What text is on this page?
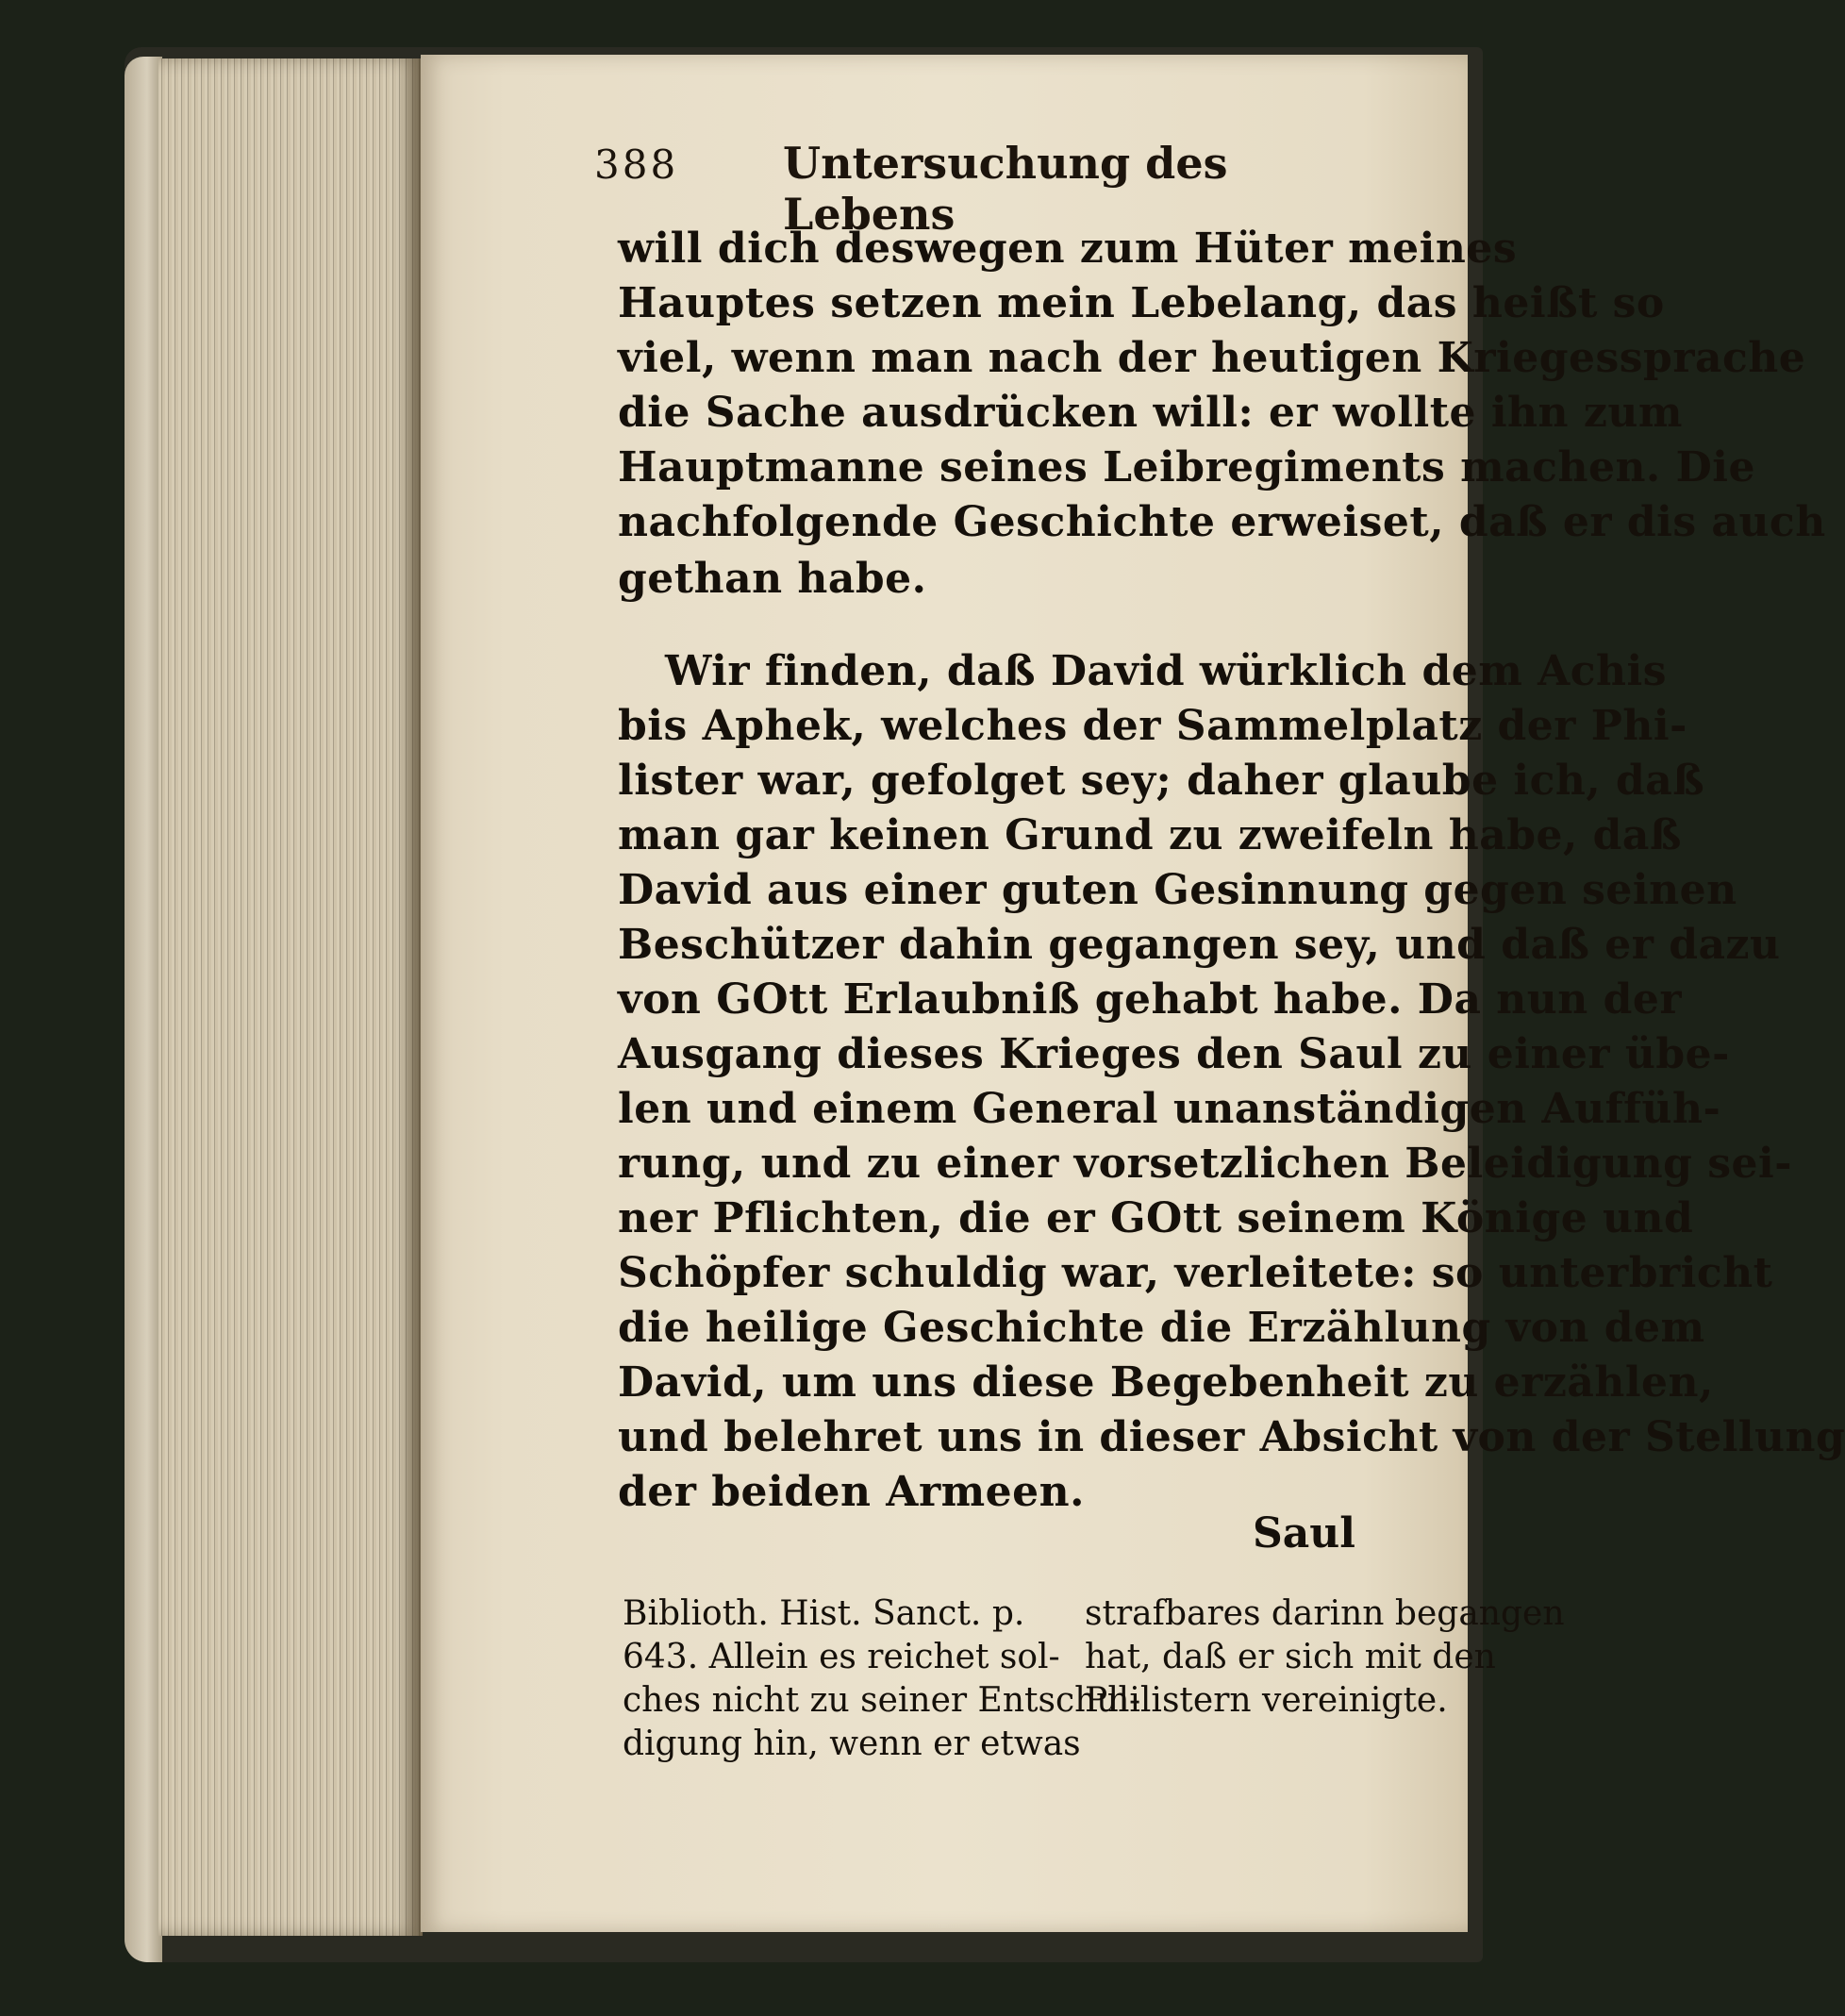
388 Untersuchung des Lebens
will dich deswegen zum Hüter meines
Hauptes setzen mein Lebelang, das heißt so
viel, wenn man nach der heutigen Kriegessprache
die Sache ausdrücken will: er wollte ihn zum
Hauptmanne seines Leibregiments machen. Die
nachfolgende Geschichte erweiset, daß er dis auch
gethan habe.
Wir finden, daß David würklich dem Achis
bis Aphek, welches der Sammelplatz der Phi-
lister war, gefolget sey; daher glaube ich, daß
man gar keinen Grund zu zweifeln habe, daß
David aus einer guten Gesinnung gegen seinen
Beschützer dahin gegangen sey, und daß er dazu
von GOtt Erlaubniß gehabt habe. Da nun der
Ausgang dieses Krieges den Saul zu einer übe-
len und einem General unanständigen Auffüh-
rung, und zu einer vorsetzlichen Beleidigung sei-
ner Pflichten, die er GOtt seinem Könige und
Schöpfer schuldig war, verleitete: so unterbricht
die heilige Geschichte die Erzählung von dem
David, um uns diese Begebenheit zu erzählen,
und belehret uns in dieser Absicht von der Stellung
der beiden Armeen.
Saul
Biblioth. Hist. Sanct. p.
643. Allein es reichet sol-
ches nicht zu seiner Entschul-
digung hin, wenn er etwas
strafbares darinn begangen
hat, daß er sich mit den
Philistern vereinigte.
